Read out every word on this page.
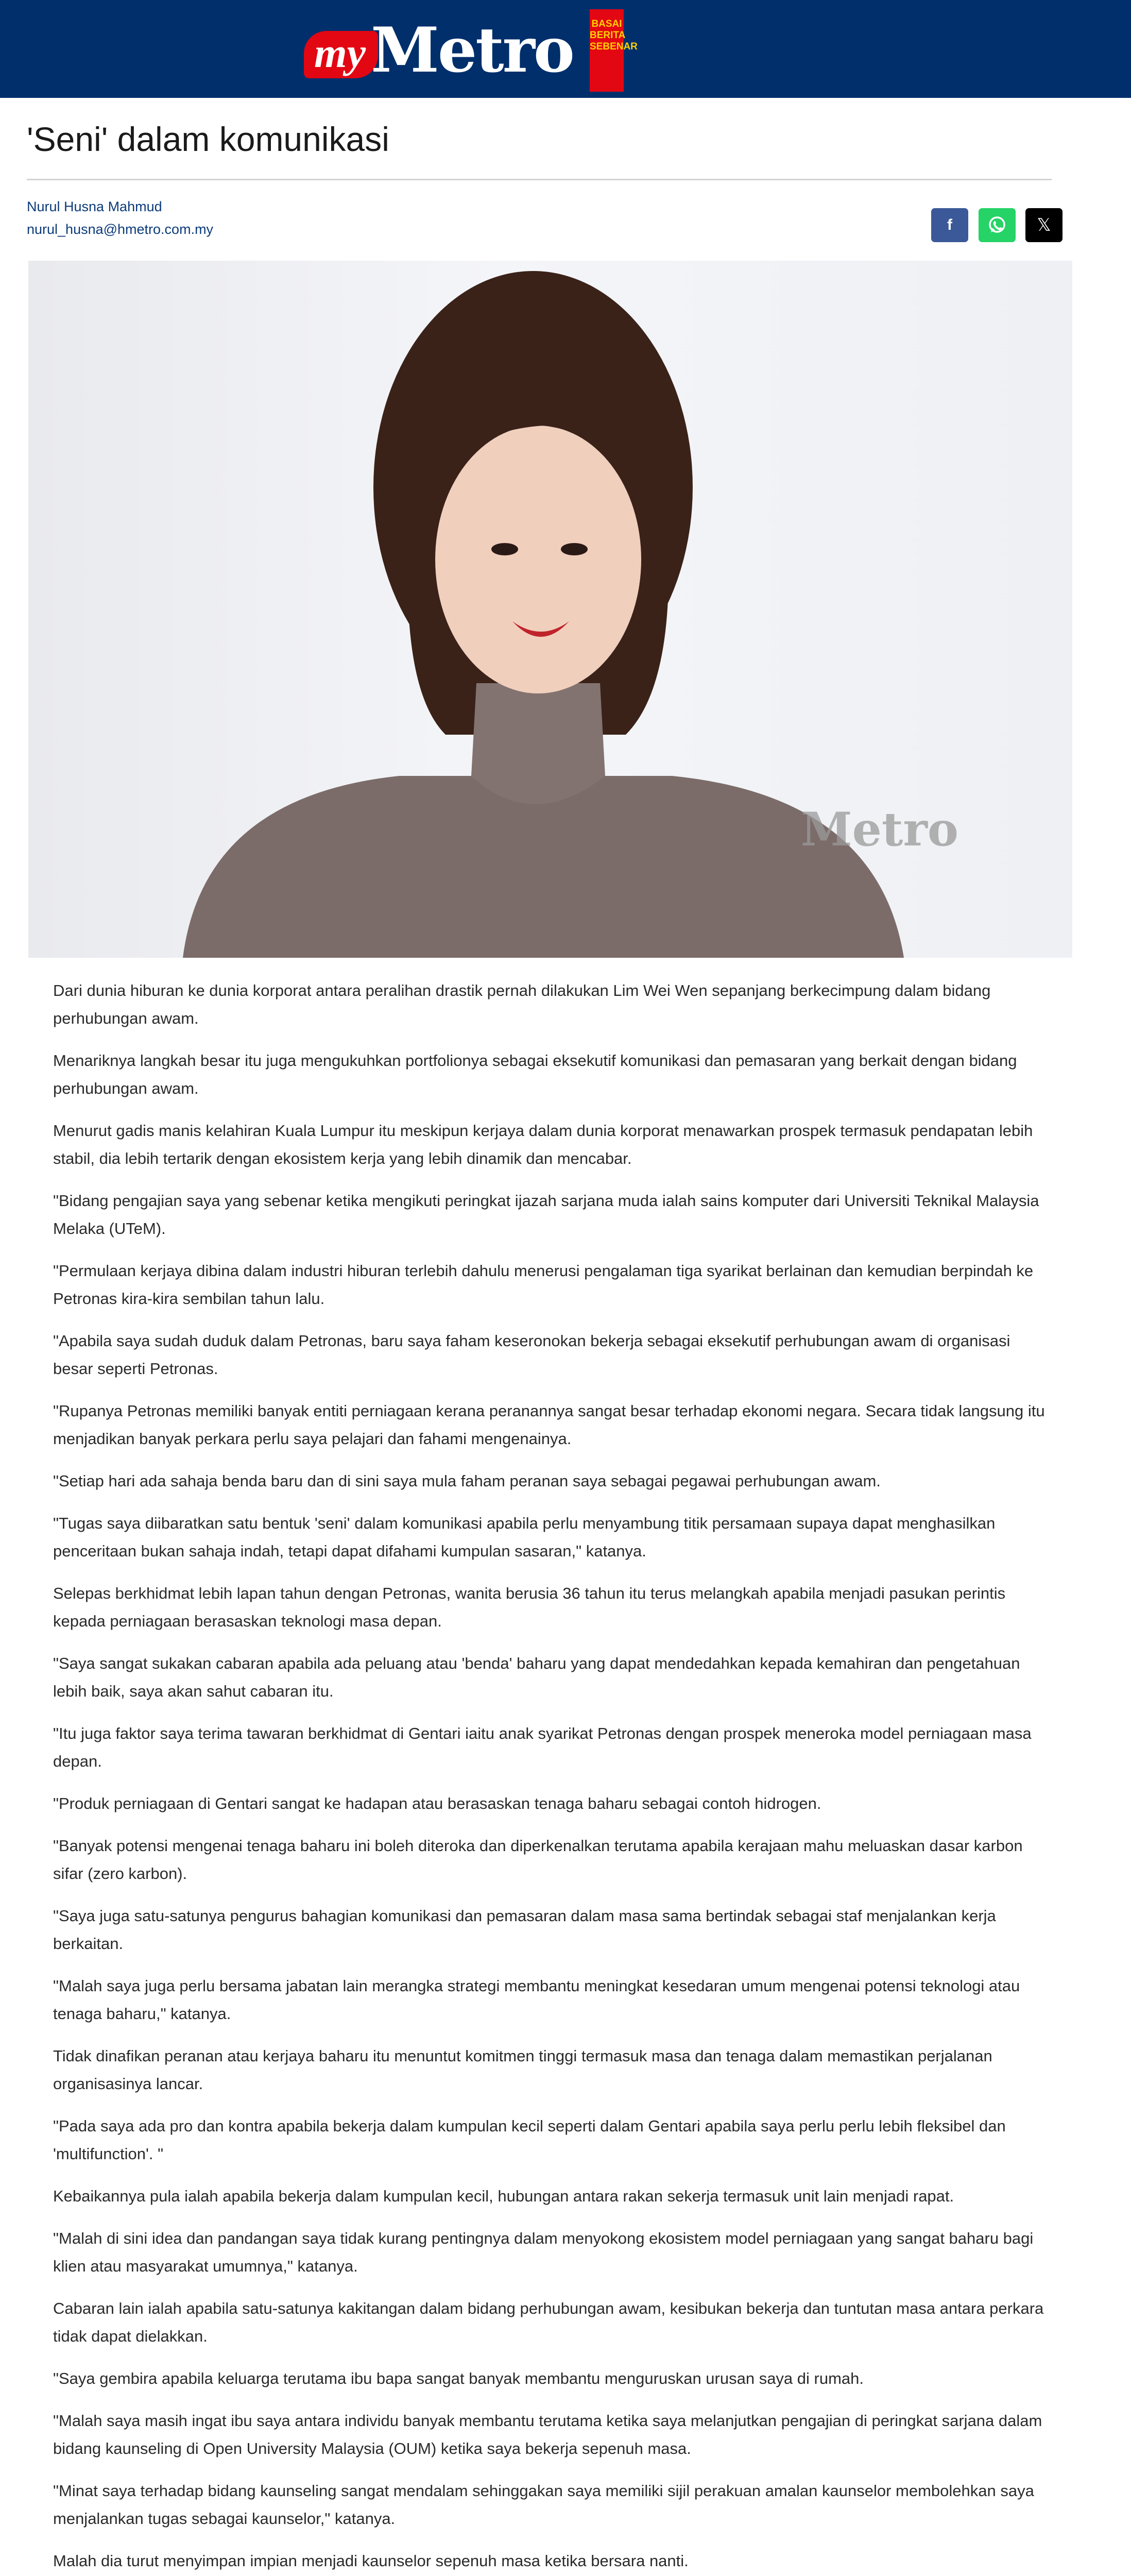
my Metro BASAI BERITA SEBENAR
'Seni' dalam komunikasi
Nurul Husna Mahmud
nurul_husna@hmetro.com.my	f	𝕏
Metro

Dari dunia hiburan ke dunia korporat antara peralihan drastik pernah dilakukan Lim Wei Wen sepanjang berkecimpung dalam bidang perhubungan awam.

Menariknya langkah besar itu juga mengukuhkan portfolionya sebagai eksekutif komunikasi dan pemasaran yang berkait dengan bidang perhubungan awam.

Menurut gadis manis kelahiran Kuala Lumpur itu meskipun kerjaya dalam dunia korporat menawarkan prospek termasuk pendapatan lebih stabil, dia lebih tertarik dengan ekosistem kerja yang lebih dinamik dan mencabar.

"Bidang pengajian saya yang sebenar ketika mengikuti peringkat ijazah sarjana muda ialah sains komputer dari Universiti Teknikal Malaysia Melaka (UTeM).

"Permulaan kerjaya dibina dalam industri hiburan terlebih dahulu menerusi pengalaman tiga syarikat berlainan dan kemudian berpindah ke Petronas kira-kira sembilan tahun lalu.

"Apabila saya sudah duduk dalam Petronas, baru saya faham keseronokan bekerja sebagai eksekutif perhubungan awam di organisasi besar seperti Petronas.

"Rupanya Petronas memiliki banyak entiti perniagaan kerana peranannya sangat besar terhadap ekonomi negara. Secara tidak langsung itu menjadikan banyak perkara perlu saya pelajari dan fahami mengenainya.

"Setiap hari ada sahaja benda baru dan di sini saya mula faham peranan saya sebagai pegawai perhubungan awam.

"Tugas saya diibaratkan satu bentuk 'seni' dalam komunikasi apabila perlu menyambung titik persamaan supaya dapat menghasilkan penceritaan bukan sahaja indah, tetapi dapat difahami kumpulan sasaran," katanya.

Selepas berkhidmat lebih lapan tahun dengan Petronas, wanita berusia 36 tahun itu terus melangkah apabila menjadi pasukan perintis kepada perniagaan berasaskan teknologi masa depan.

"Saya sangat sukakan cabaran apabila ada peluang atau 'benda' baharu yang dapat mendedahkan kepada kemahiran dan pengetahuan lebih baik, saya akan sahut cabaran itu.

"Itu juga faktor saya terima tawaran berkhidmat di Gentari iaitu anak syarikat Petronas dengan prospek meneroka model perniagaan masa depan.

"Produk perniagaan di Gentari sangat ke hadapan atau berasaskan tenaga baharu sebagai contoh hidrogen.

"Banyak potensi mengenai tenaga baharu ini boleh diteroka dan diperkenalkan terutama apabila kerajaan mahu meluaskan dasar karbon sifar (zero karbon).

"Saya juga satu-satunya pengurus bahagian komunikasi dan pemasaran dalam masa sama bertindak sebagai staf menjalankan kerja berkaitan.

"Malah saya juga perlu bersama jabatan lain merangka strategi membantu meningkat kesedaran umum mengenai potensi teknologi atau tenaga baharu," katanya.

Tidak dinafikan peranan atau kerjaya baharu itu menuntut komitmen tinggi termasuk masa dan tenaga dalam memastikan perjalanan organisasinya lancar.

"Pada saya ada pro dan kontra apabila bekerja dalam kumpulan kecil seperti dalam Gentari apabila saya perlu perlu lebih fleksibel dan 'multifunction'. "

Kebaikannya pula ialah apabila bekerja dalam kumpulan kecil, hubungan antara rakan sekerja termasuk unit lain menjadi rapat.

"Malah di sini idea dan pandangan saya tidak kurang pentingnya dalam menyokong ekosistem model perniagaan yang sangat baharu bagi klien atau masyarakat umumnya," katanya.

Cabaran lain ialah apabila satu-satunya kakitangan dalam bidang perhubungan awam, kesibukan bekerja dan tuntutan masa antara perkara tidak dapat dielakkan.

"Saya gembira apabila keluarga terutama ibu bapa sangat banyak membantu menguruskan urusan saya di rumah.

"Malah saya masih ingat ibu saya antara individu banyak membantu terutama ketika saya melanjutkan pengajian di peringkat sarjana dalam bidang kaunseling di Open University Malaysia (OUM) ketika saya bekerja sepenuh masa.

"Minat saya terhadap bidang kaunseling sangat mendalam sehinggakan saya memiliki sijil perakuan amalan kaunselor membolehkan saya menjalankan tugas sebagai kaunselor," katanya.

Malah dia turut menyimpan impian menjadi kaunselor sepenuh masa ketika bersara nanti.
